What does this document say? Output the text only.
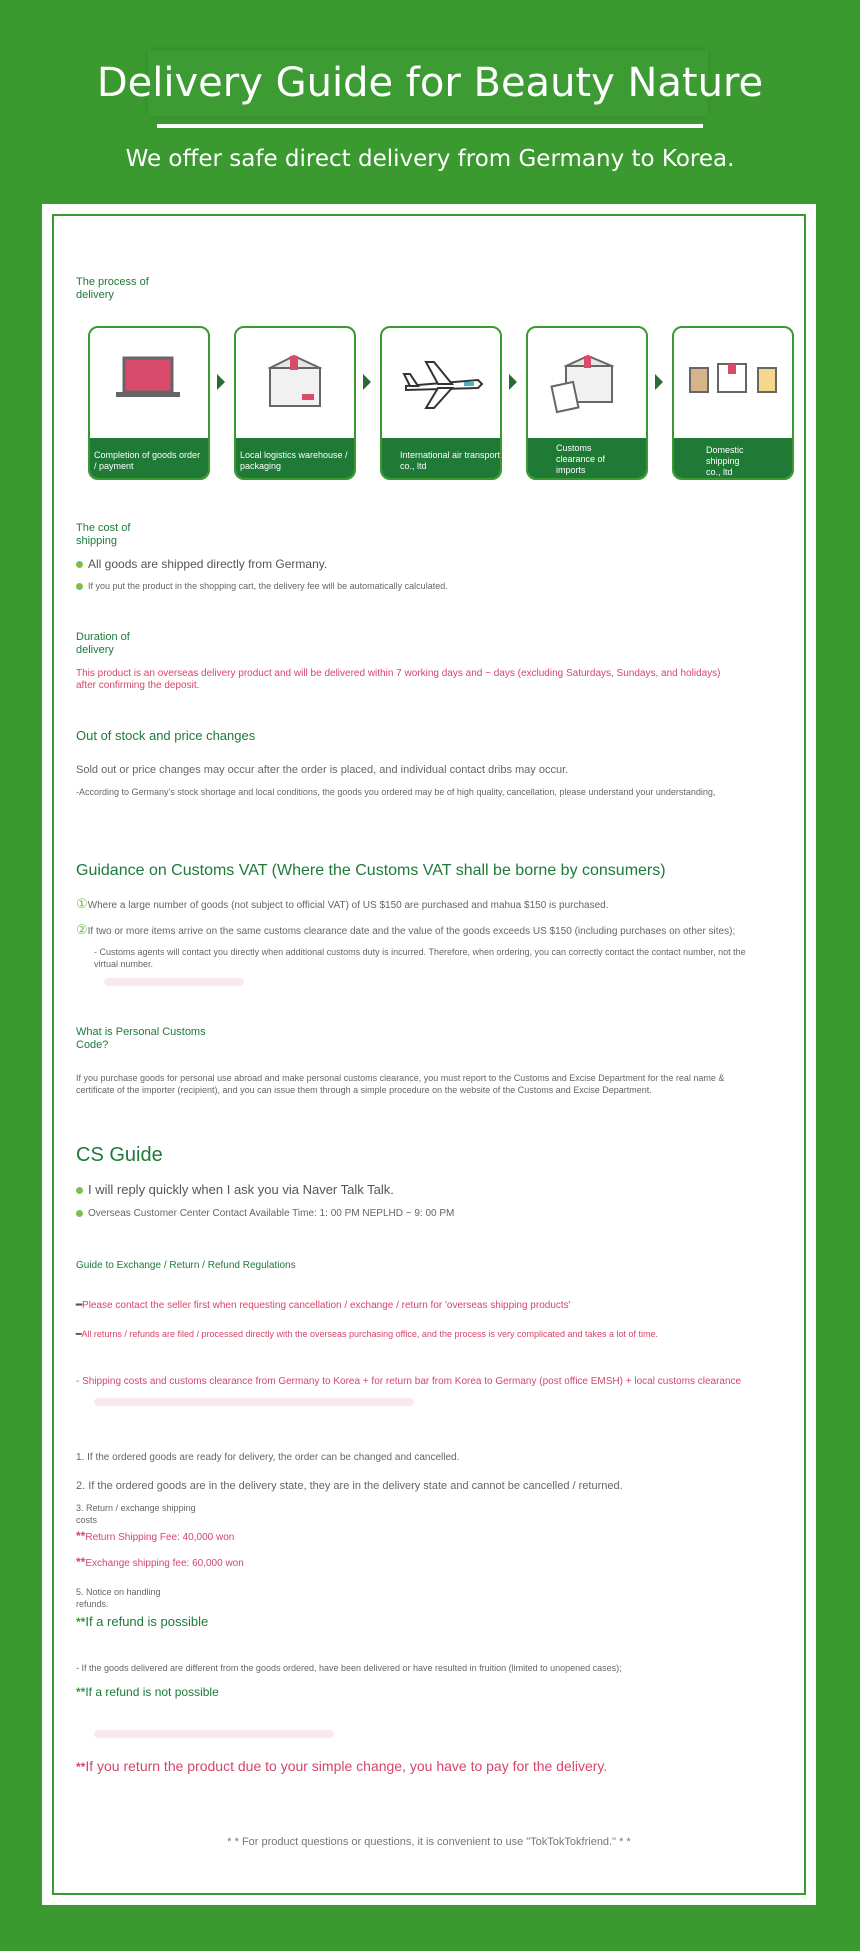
Delivery Guide for Beauty Nature
We offer safe direct delivery from Germany to Korea.
The process of delivery
Completion of goods order / payment
Local logistics warehouse / packaging
International air transport co., ltd
Customs clearance of imports
Domestic shipping co., ltd
The cost of shipping
All goods are shipped directly from Germany.
If you put the product in the shopping cart, the delivery fee will be automatically calculated.
Duration of delivery
This product is an overseas delivery product and will be delivered within 7 working days and ~ days (excluding Saturdays, Sundays, and holidays) after confirming the deposit.
Out of stock and price changes
Sold out or price changes may occur after the order is placed, and individual contact dribs may occur.
-According to Germany's stock shortage and local conditions, the goods you ordered may be of high quality, cancellation, please understand your understanding,
Guidance on Customs VAT (Where the Customs VAT shall be borne by consumers)
①Where a large number of goods (not subject to official VAT) of US $150 are purchased and mahua $150 is purchased.
②If two or more items arrive on the same customs clearance date and the value of the goods exceeds US $150 (including purchases on other sites);
- Customs agents will contact you directly when additional customs duty is incurred. Therefore, when ordering, you can correctly contact the contact number, not the virtual number.
What is Personal Customs Code?
If you purchase goods for personal use abroad and make personal customs clearance, you must report to the Customs and Excise Department for the real name & certificate of the importer (recipient), and you can issue them through a simple procedure on the website of the Customs and Excise Department.
CS Guide
I will reply quickly when I ask you via Naver Talk Talk.
Overseas Customer Center Contact Available Time: 1: 00 PM NEPLHD ~ 9: 00 PM
Guide to Exchange / Return / Refund Regulations
━Please contact the seller first when requesting cancellation / exchange / return for 'overseas shipping products'
━All returns / refunds are filed / processed directly with the overseas purchasing office, and the process is very complicated and takes a lot of time.
- Shipping costs and customs clearance from Germany to Korea + for return bar from Korea to Germany (post office EMSH) + local customs clearance
1. If the ordered goods are ready for delivery, the order can be changed and cancelled.
2. If the ordered goods are in the delivery state, they are in the delivery state and cannot be cancelled / returned.
3. Return / exchange shipping costs
**Return Shipping Fee: 40,000 won
**Exchange shipping fee: 60,000 won
5. Notice on handling refunds.
**If a refund is possible
- If the goods delivered are different from the goods ordered, have been delivered or have resulted in fruition (limited to unopened cases);
**If a refund is not possible
**If you return the product due to your simple change, you have to pay for the delivery.
* * For product questions or questions, it is convenient to use "TokTokTokfriend." * *
